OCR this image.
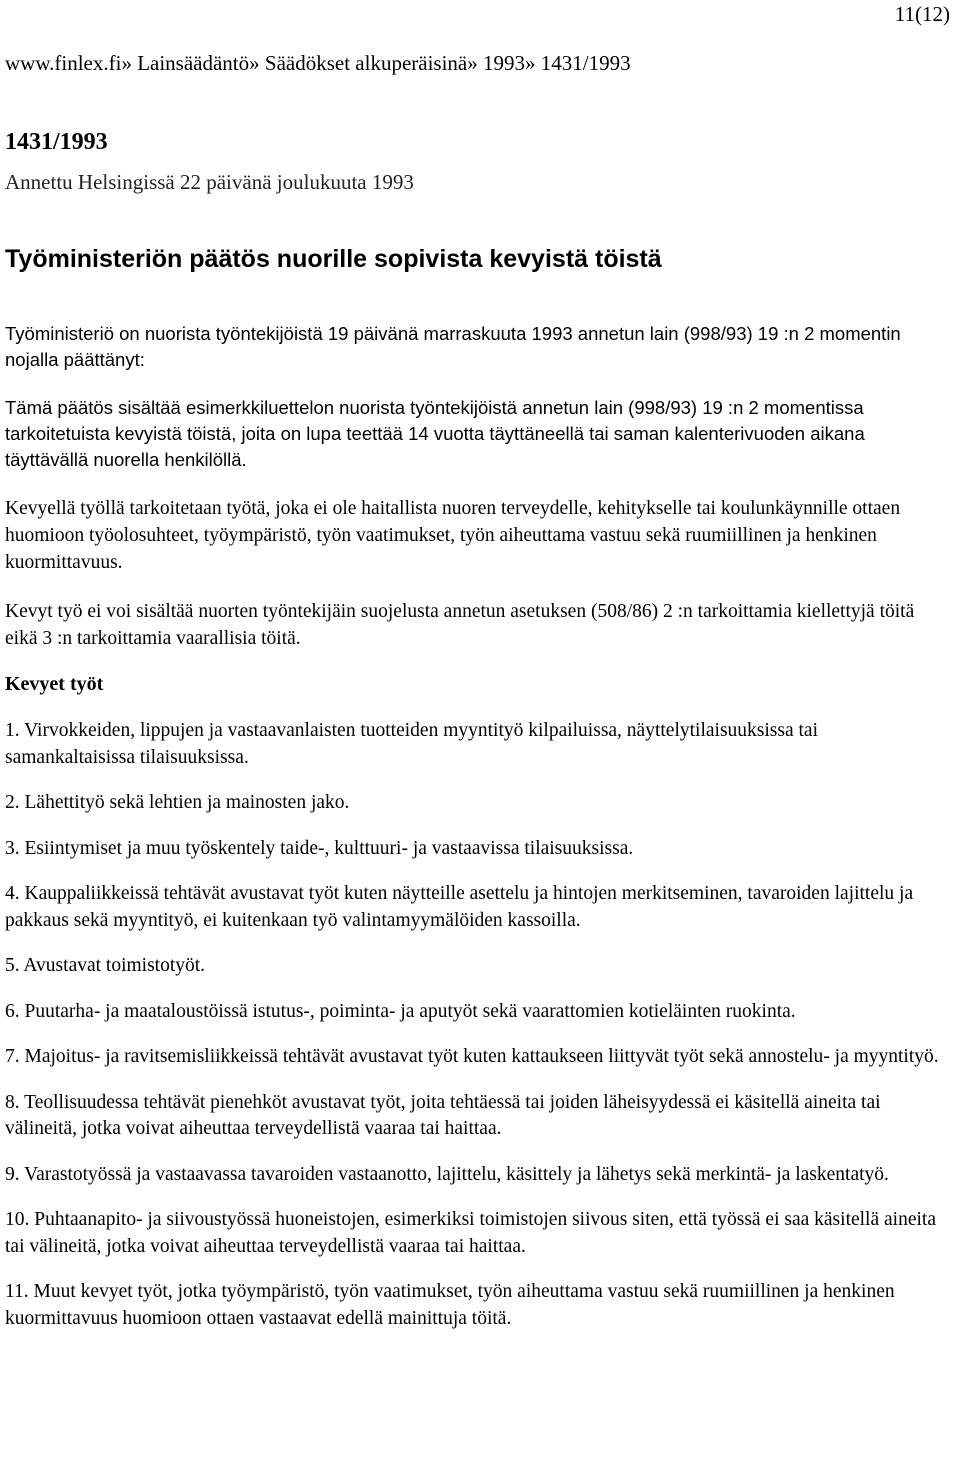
11(12)

www.finlex.fi» Lainsäädäntö» Säädökset alkuperäisinä» 1993» 1431/1993

1431/1993
Annettu Helsingissä 22 päivänä joulukuuta 1993
Työministeriön päätös nuorille sopivista kevyistä töistä

Työministeriö on nuorista työntekijöistä 19 päivänä marraskuuta 1993 annetun lain (998/93) 19 :n 2 momentin nojalla päättänyt:

Tämä päätös sisältää esimerkkiluettelon nuorista työntekijöistä annetun lain (998/93) 19 :n 2 momentissa tarkoitetuista kevyistä töistä, joita on lupa teettää 14 vuotta täyttäneellä tai saman kalenterivuoden aikana täyttävällä nuorella henkilöllä.

Kevyellä työllä tarkoitetaan työtä, joka ei ole haitallista nuoren terveydelle, kehitykselle tai koulunkäynnille ottaen huomioon työolosuhteet, työympäristö, työn vaatimukset, työn aiheuttama vastuu sekä ruumiillinen ja henkinen kuormittavuus.

Kevyt työ ei voi sisältää nuorten työntekijäin suojelusta annetun asetuksen (508/86) 2 :n tarkoittamia kiellettyjä töitä eikä 3 :n tarkoittamia vaarallisia töitä.

Kevyet työt
1. Virvokkeiden, lippujen ja vastaavanlaisten tuotteiden myyntityö kilpailuissa, näyttelytilaisuuksissa tai samankaltaisissa tilaisuuksissa.
2. Lähettityö sekä lehtien ja mainosten jako.
3. Esiintymiset ja muu työskentely taide-, kulttuuri- ja vastaavissa tilaisuuksissa.
4. Kauppaliikkeissä tehtävät avustavat työt kuten näytteille asettelu ja hintojen merkitseminen, tavaroiden lajittelu ja pakkaus sekä myyntityö, ei kuitenkaan työ valintamyymälöiden kassoilla.
5. Avustavat toimistotyöt.
6. Puutarha- ja maataloustöissä istutus-, poiminta- ja aputyöt sekä vaarattomien kotieläinten ruokinta.
7. Majoitus- ja ravitsemisliikkeissä tehtävät avustavat työt kuten kattaukseen liittyvät työt sekä annostelu- ja myyntityö.
8. Teollisuudessa tehtävät pienehköt avustavat työt, joita tehtäessä tai joiden läheisyydessä ei käsitellä aineita tai välineitä, jotka voivat aiheuttaa terveydellistä vaaraa tai haittaa.
9. Varastotyössä ja vastaavassa tavaroiden vastaanotto, lajittelu, käsittely ja lähetys sekä merkintä- ja laskentatyö.
10. Puhtaanapito- ja siivoustyössä huoneistojen, esimerkiksi toimistojen siivous siten, että työssä ei saa käsitellä aineita tai välineitä, jotka voivat aiheuttaa terveydellistä vaaraa tai haittaa.
11. Muut kevyet työt, jotka työympäristö, työn vaatimukset, työn aiheuttama vastuu sekä ruumiillinen ja henkinen kuormittavuus huomioon ottaen vastaavat edellä mainittuja töitä.
